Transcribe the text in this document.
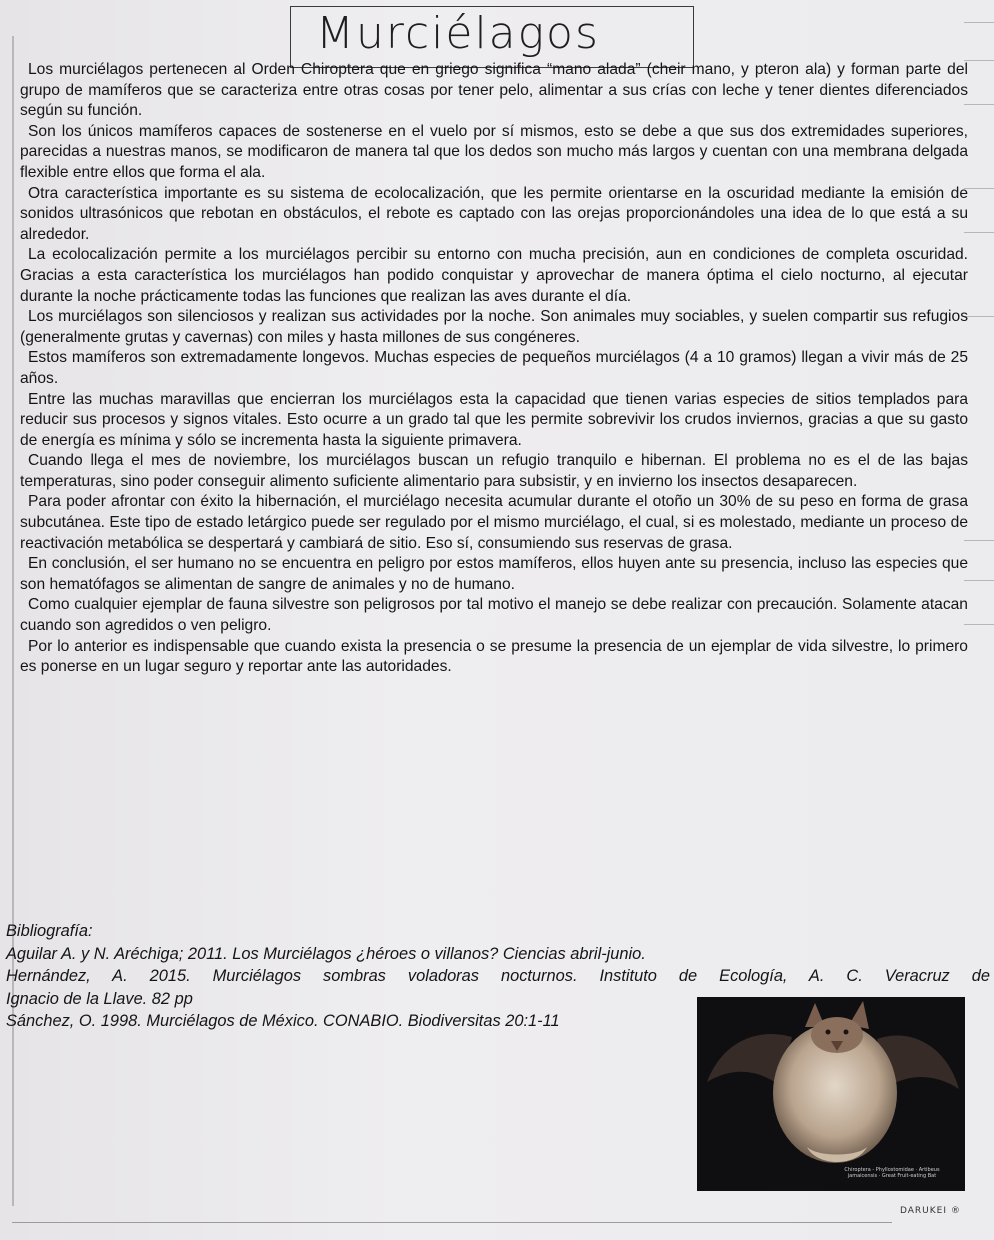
Murciélagos

Los murciélagos pertenecen al Orden Chiroptera que en griego significa “mano alada” (cheir mano, y pteron ala) y forman parte del grupo de mamíferos que se caracteriza entre otras cosas por tener pelo, alimentar a sus crías con leche y tener dientes diferenciados según su función.

Son los únicos mamíferos capaces de sostenerse en el vuelo por sí mismos, esto se debe a que sus dos extremidades superiores, parecidas a nuestras manos, se modificaron de manera tal que los dedos son mucho más largos y cuentan con una membrana delgada flexible entre ellos que forma el ala.

Otra característica importante es su sistema de ecolocalización, que les permite orientarse en la oscuridad mediante la emisión de sonidos ultrasónicos que rebotan en obstáculos, el rebote es captado con las orejas proporcionándoles una idea de lo que está a su alrededor.

La ecolocalización permite a los murciélagos percibir su entorno con mucha precisión, aun en condiciones de completa oscuridad. Gracias a esta característica los murciélagos han podido conquistar y aprovechar de manera óptima el cielo nocturno, al ejecutar durante la noche prácticamente todas las funciones que realizan las aves durante el día.

Los murciélagos son silenciosos y realizan sus actividades por la noche. Son animales muy sociables, y suelen compartir sus refugios (generalmente grutas y cavernas) con miles y hasta millones de sus congéneres.

Estos mamíferos son extremadamente longevos. Muchas especies de pequeños murciélagos (4 a 10 gramos) llegan a vivir más de 25 años.

Entre las muchas maravillas que encierran los murciélagos esta la capacidad que tienen varias especies de sitios templados para reducir sus procesos y signos vitales. Esto ocurre a un grado tal que les permite sobrevivir los crudos inviernos, gracias a que su gasto de energía es mínima y sólo se incrementa hasta la siguiente primavera.

Cuando llega el mes de noviembre, los murciélagos buscan un refugio tranquilo e hibernan. El problema no es el de las bajas temperaturas, sino poder conseguir alimento suficiente alimentario para subsistir, y en invierno los insectos desaparecen.

Para poder afrontar con éxito la hibernación, el murciélago necesita acumular durante el otoño un 30% de su peso en forma de grasa subcutánea. Este tipo de estado letárgico puede ser regulado por el mismo murciélago, el cual, si es molestado, mediante un proceso de reactivación metabólica se despertará y cambiará de sitio. Eso sí, consumiendo sus reservas de grasa.

En conclusión, el ser humano no se encuentra en peligro por estos mamíferos, ellos huyen ante su presencia, incluso las especies que son hematófagos se alimentan de sangre de animales y no de humano.

Como cualquier ejemplar de fauna silvestre son peligrosos por tal motivo el manejo se debe realizar con precaución. Solamente atacan cuando son agredidos o ven peligro.

Por lo anterior es indispensable que cuando exista la presencia o se presume la presencia de un ejemplar de vida silvestre, lo primero es ponerse en un lugar seguro y reportar ante las autoridades.

Bibliografía:

Aguilar A. y N. Aréchiga; 2011. Los Murciélagos ¿héroes o villanos? Ciencias abril-junio.

Hernández, A. 2015. Murciélagos sombras voladoras nocturnos. Instituto de Ecología, A. C. Veracruz de

Ignacio de la Llave. 82 pp

Sánchez, O. 1998. Murciélagos de México. CONABIO. Biodiversitas 20:1-11

Chiroptera - Phyllostomidae · Artibeus jamaicensis · Great Fruit-eating Bat
DARUKEI ®
